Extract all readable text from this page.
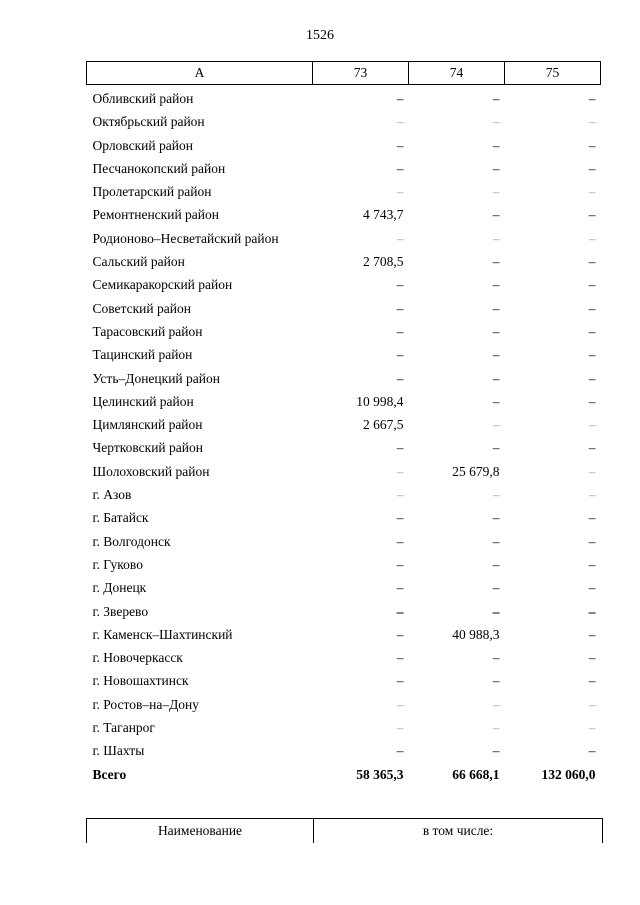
1526
А	73	74	75
Обливский район	–	–	–
Октябрьский район	–	–	–
Орловский район	–	–	–
Песчанокопский район	–	–	–
Пролетарский район	–	–	–
Ремонтненский район	4 743,7	–	–
Родионово–Несветайский район	–	–	–
Сальский район	2 708,5	–	–
Семикаракорский район	–	–	–
Советский район	–	–	–
Тарасовский район	–	–	–
Тацинский район	–	–	–
Усть–Донецкий район	–	–	–
Целинский район	10 998,4	–	–
Цимлянский район	2 667,5	–	–
Чертковский район	–	–	–
Шолоховский район	–	25 679,8	–
г. Азов	–	–	–
г. Батайск	–	–	–
г. Волгодонск	–	–	–
г. Гуково	–	–	–
г. Донецк	–	–	–
г. Зверево	–	–	–
г. Каменск–Шахтинский	–	40 988,3	–
г. Новочеркасск	–	–	–
г. Новошахтинск	–	–	–
г. Ростов–на–Дону	–	–	–
г. Таганрог	–	–	–
г. Шахты	–	–	–
Всего	58 365,3	66 668,1	132 060,0
Наименование	в том числе:
